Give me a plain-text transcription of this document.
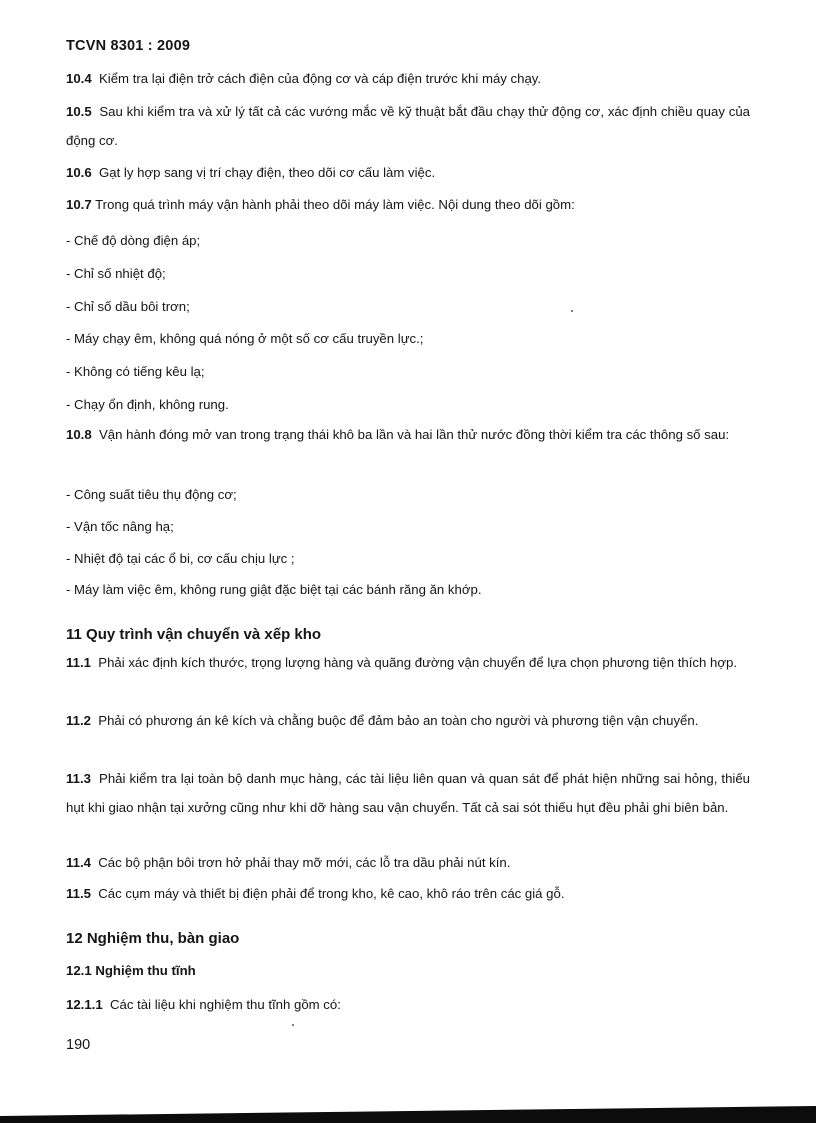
TCVN 8301 : 2009
10.4 Kiểm tra lại điện trở cách điện của động cơ và cáp điện trước khi máy chạy.
10.5 Sau khi kiểm tra và xử lý tất cả các vướng mắc về kỹ thuật bắt đầu chạy thử động cơ, xác định chiều quay của động cơ.
10.6 Gạt ly hợp sang vị trí chạy điện, theo dõi cơ cấu làm việc.
10.7 Trong quá trình máy vận hành phải theo dõi máy làm việc. Nội dung theo dõi gồm:
- Chế độ dòng điện áp;
- Chỉ số nhiệt độ;
- Chỉ số dầu bôi trơn;
- Máy chạy êm, không quá nóng ở một số cơ cấu truyền lực.;
- Không có tiếng kêu lạ;
- Chạy ổn định, không rung.
10.8 Vận hành đóng mở van trong trạng thái khô ba lần và hai lần thử nước đồng thời kiểm tra các thông số sau:
- Công suất tiêu thụ động cơ;
- Vận tốc nâng hạ;
- Nhiệt độ tại các ổ bi, cơ cấu chịu lực ;
- Máy làm việc êm, không rung giật đặc biệt tại các bánh răng ăn khớp.
11 Quy trình vận chuyển và xếp kho
11.1 Phải xác định kích thước, trọng lượng hàng và quãng đường vận chuyển để lựa chọn phương tiện thích hợp.
11.2 Phải có phương án kê kích và chằng buộc để đảm bảo an toàn cho người và phương tiện vận chuyển.
11.3 Phải kiểm tra lại toàn bộ danh mục hàng, các tài liệu liên quan và quan sát để phát hiện những sai hỏng, thiếu hụt khi giao nhận tại xưởng cũng như khi dỡ hàng sau vận chuyển. Tất cả sai sót thiếu hụt đều phải ghi biên bản.
11.4 Các bộ phận bôi trơn hở phải thay mỡ mới, các lỗ tra dầu phải nút kín.
11.5 Các cụm máy và thiết bị điện phải để trong kho, kê cao, khô ráo trên các giá gỗ.
12 Nghiệm thu, bàn giao
12.1 Nghiệm thu tĩnh
12.1.1 Các tài liệu khi nghiệm thu tĩnh gồm có:
190
